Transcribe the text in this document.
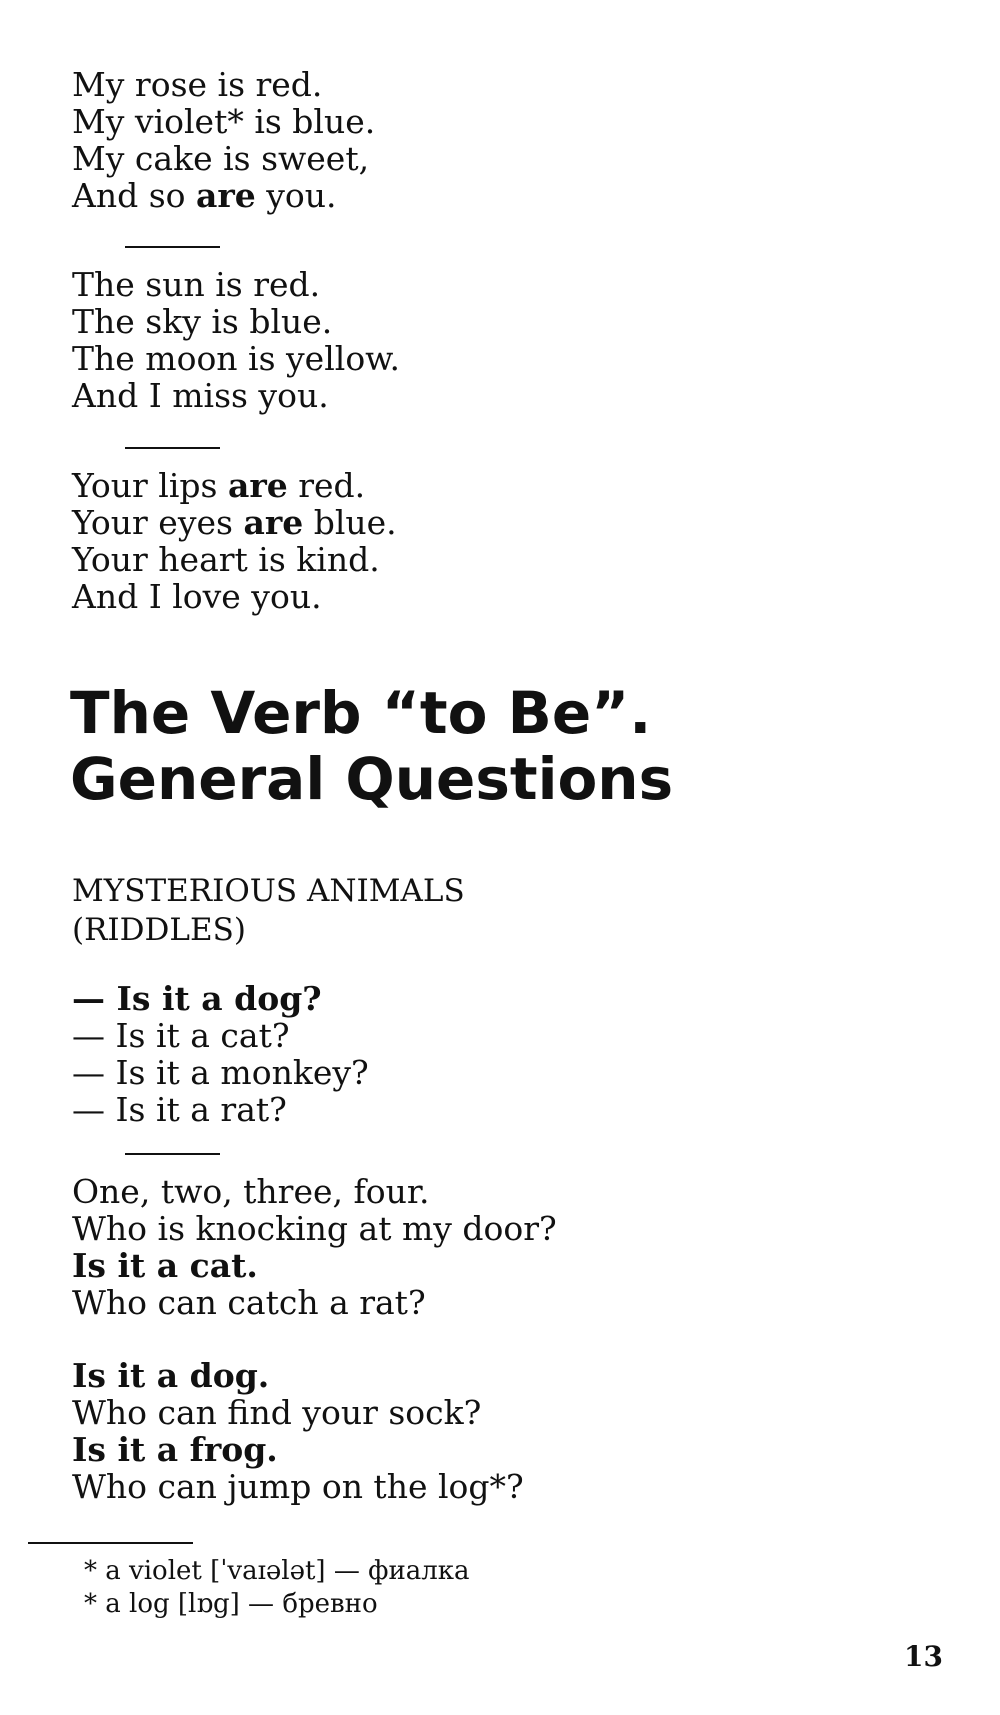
My rose is red.
My violet* is blue.
My cake is sweet,
And so are you.
The sun is red.
The sky is blue.
The moon is yellow.
And I miss you.
Your lips are red.
Your eyes are blue.
Your heart is kind.
And I love you.
The Verb “to Be”.
General Questions
MYSTERIOUS ANIMALS
(RIDDLES)
— Is it a dog?
— Is it a cat?
— Is it a monkey?
— Is it a rat?
One, two, three, four.
Who is knocking at my door?
Is it a cat.
Who can catch a rat?
Is it a dog.
Who can find your sock?
Is it a frog.
Who can jump on the log*?
* a violet [ˈvaɪələt] — фиалка
* a log [lɒg] — бревно
13
